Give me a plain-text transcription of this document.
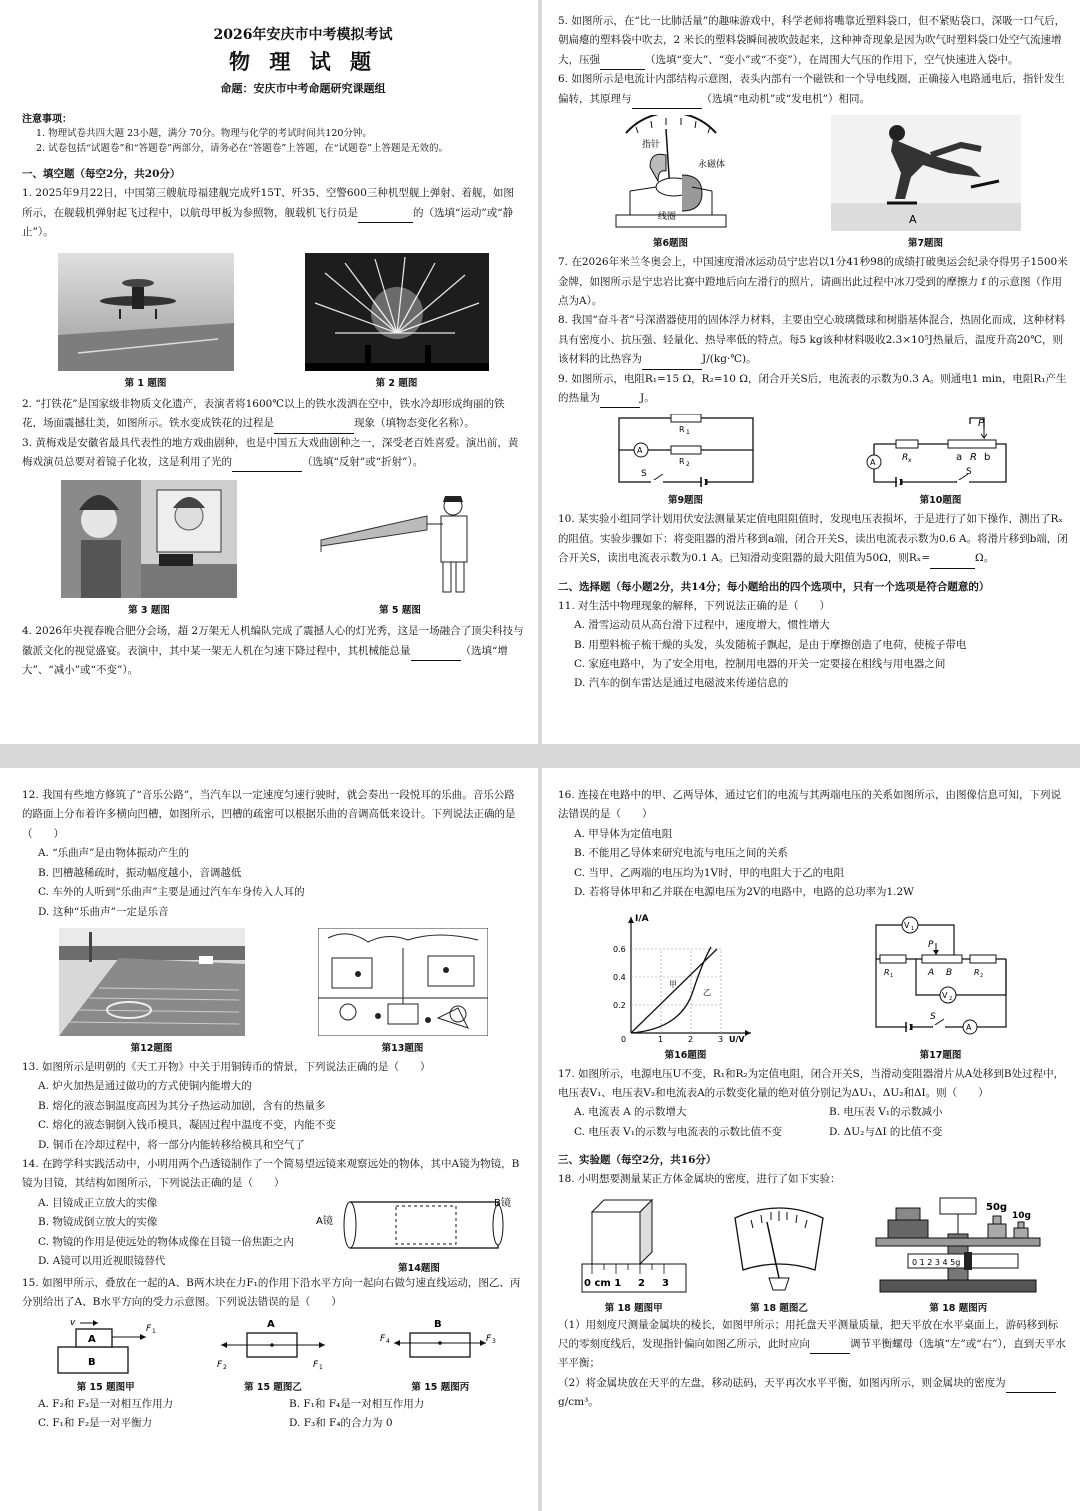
2026年安庆市中考模拟考试
物 理 试 题
命题：安庆市中考命题研究课题组
注意事项：
1. 物理试卷共四大题 23小题，满分 70分。物理与化学的考试时间共120分钟。
2. 试卷包括“试题卷”和“答题卷”两部分，请务必在“答题卷”上答题，在“试题卷”上答题是无效的。
一、填空题（每空2分，共20分）
1. 2025年9月22日，中国第三艘航母福建舰完成歼15T、歼35、空警600三种机型舰上弹射、着舰，如图所示，在舰载机弹射起飞过程中，以航母甲板为参照物，舰载机飞行员是	的（选填“运动”或“静止”）。
第 1 题图	第 2 题图
2. “打铁花”是国家级非物质文化遗产，表演者将1600℃以上的铁水泼洒在空中，铁水冷却形成绚丽的铁花，场面震撼壮美，如图所示。铁水变成铁花的过程是	现象（填物态变化名称）。
3. 黄梅戏是安徽省最具代表性的地方戏曲剧种，也是中国五大戏曲剧种之一，深受老百姓喜爱。演出前，黄梅戏演员总要对着镜子化妆，这是利用了光的	（选填“反射”或“折射”）。
第 3 题图	第 5 题图
4. 2026年央视春晚合肥分会场，超 2万架无人机编队完成了震撼人心的灯光秀，这是一场融合了顶尖科技与徽派文化的视觉盛宴。表演中，其中某一架无人机在匀速下降过程中，其机械能总量	（选填“增大”、“减小”或“不变”）。
5. 如图所示，在“比一比肺活量”的趣味游戏中，科学老师将嘴靠近塑料袋口，但不紧贴袋口，深吸一口气后，朝扁瘪的塑料袋中吹去，2 米长的塑料袋瞬间被吹鼓起来，这种神奇现象是因为吹气时塑料袋口处空气流速增大，压强	（选填“变大”、“变小”或“不变”），在周围大气压的作用下，空气快速进入袋中。
6. 如图所示是电流计内部结构示意图，表头内部有一个磁铁和一个导电线圈，正确接入电路通电后，指针发生偏转，其原理与	（选填“电动机”或“发电机”）相同。
指针
永磁体
线圈
第6题图
A
第7题图
7. 在2026年米兰冬奥会上，中国速度滑冰运动员宁忠岩以1分41秒98的成绩打破奥运会纪录夺得男子1500米金牌，如图所示是宁忠岩比赛中蹬地后向左滑行的照片，请画出此过程中冰刀受到的摩擦力 f 的示意图（作用点为A）。
8. 我国“奋斗者”号深潜器使用的固体浮力材料，主要由空心玻璃微球和树脂基体混合，热固化而成，这种材料具有密度小、抗压强、轻量化、热导率低的特点。每5 kg该种材料吸收2.3×10⁵J热量后，温度升高20℃，则该材料的比热容为	J/(kg·℃)。
9. 如图所示，电阻R₁=15 Ω，R₂=10 Ω，闭合开关S后，电流表的示数为0.3 A。则通电1 min，电阻R₁产生的热量为	J。
R 1
R 2
A
S
第9题图
P
R x	a R b
A
S
第10题图
10. 某实验小组同学计划用伏安法测量某定值电阻阻值时，发现电压表损坏，于是进行了如下操作，测出了Rₓ的阻值。实验步骤如下：将变阻器的滑片移到a端，闭合开关S，读出电流表示数为0.6 A。将滑片移到b端，闭合开关S，读出电流表示数为0.1 A。已知滑动变阻器的最大阻值为50Ω，则Rₓ=	Ω。
二、选择题（每小题2分，共14分；每小题给出的四个选项中，只有一个选项是符合题意的）
11. 对生活中物理现象的解释，下列说法正确的是（　　）
A. 滑雪运动员从高台滑下过程中，速度增大，惯性增大
B. 用塑料梳子梳干燥的头发，头发随梳子飘起，是由于摩擦创造了电荷，使梳子带电
C. 家庭电路中，为了安全用电，控制用电器的开关一定要接在相线与用电器之间
D. 汽车的倒车雷达是通过电磁波来传递信息的
12. 我国有些地方修筑了“音乐公路”，当汽车以一定速度匀速行驶时，就会奏出一段悦耳的乐曲。音乐公路的路面上分布着许多横向凹槽，如图所示，凹槽的疏密可以根据乐曲的音调高低来设计。下列说法正确的是（　　）
A. “乐曲声”是由物体振动产生的
B. 凹槽越稀疏时，振动幅度越小，音调越低
C. 车外的人听到“乐曲声”主要是通过汽车车身传入人耳的
D. 这种“乐曲声”一定是乐音
第12题图	第13题图
13. 如图所示是明朝的《天工开物》中关于用铜铸币的情景，下列说法正确的是（　　）
A. 炉火加热是通过做功的方式使铜内能增大的
B. 熔化的液态铜温度高因为其分子热运动加剧，含有的热量多
C. 熔化的液态铜倒入钱币模具，凝固过程中温度不变，内能不变
D. 铜币在冷却过程中，将一部分内能转移给模具和空气了
14. 在跨学科实践活动中，小明用两个凸透镜制作了一个简易望远镜来观察远处的物体，其中A镜为物镜，B镜为目镜，其结构如图所示，下列说法正确的是（　　）
A. 目镜成正立放大的实像
B. 物镜成倒立放大的实像
C. 物镜的作用是使远处的物体成像在目镜一倍焦距之内
D. A镜可以用近视眼镜替代
A镜
B镜
第14题图
15. 如图甲所示，叠放在一起的A、B两木块在力F₁的作用下沿水平方向一起向右做匀速直线运动，图乙、丙分别给出了A、B水平方向的受力示意图。下列说法错误的是（　　）
A
B
F 1
v
第 15 题图甲
A
F 2	F 1
第 15 题图乙
B
F 4	F 3
第 15 题图丙
A. F₂和 F₃是一对相互作用力
C. F₁和 F₂是一对平衡力
B. F₁和 F₄是一对相互作用力
D. F₃和 F₄的合力为 0
16. 连接在电路中的甲、乙两导体，通过它们的电流与其两端电压的关系如图所示，由图像信息可知，下列说法错误的是（　　）
A. 甲导体为定值电阻
B. 不能用乙导体来研究电流与电压之间的关系
C. 当甲、乙两端的电压均为1V时，甲的电阻大于乙的电阻
D. 若将导体甲和乙并联在电源电压为2V的电路中，电路的总功率为1.2W
0.2
0.4
0.6
0	1	2	3
I/A
U/V
甲
乙
第16题图
V 1
V 2
R 1	R 2
A B
P
S
A
第17题图
17. 如图所示，电源电压U不变，R₁和R₂为定值电阻，闭合开关S，当滑动变阻器滑片从A处移到B处过程中，电压表V₁、电压表V₂和电流表A的示数变化量的绝对值分别记为ΔU₁、ΔU₂和ΔI。则（　　）
A. 电流表 A 的示数增大
C. 电压表 V₁的示数与电流表的示数比值不变
B. 电压表 V₁的示数减小
D. ΔU₂与ΔI 的比值不变
三、实验题（每空2分，共16分）
18. 小明想要测量某正方体金属块的密度，进行了如下实验：
0 cm 1 2 3
第 18 题图甲	第 18 题图乙
50g
10g
0 1 2 3 4 5g
第 18 题图丙
（1）用刻度尺测量金属块的棱长，如图甲所示；用托盘天平测量质量，把天平放在水平桌面上，游码移到标尺的零刻度线后，发现指针偏向如图乙所示，此时应向	调节平衡螺母（选填“左”或“右”），直到天平水平平衡；
（2）将金属块放在天平的左盘，移动砝码，天平再次水平平衡，如图丙所示，则金属块的密度为g/cm³。
